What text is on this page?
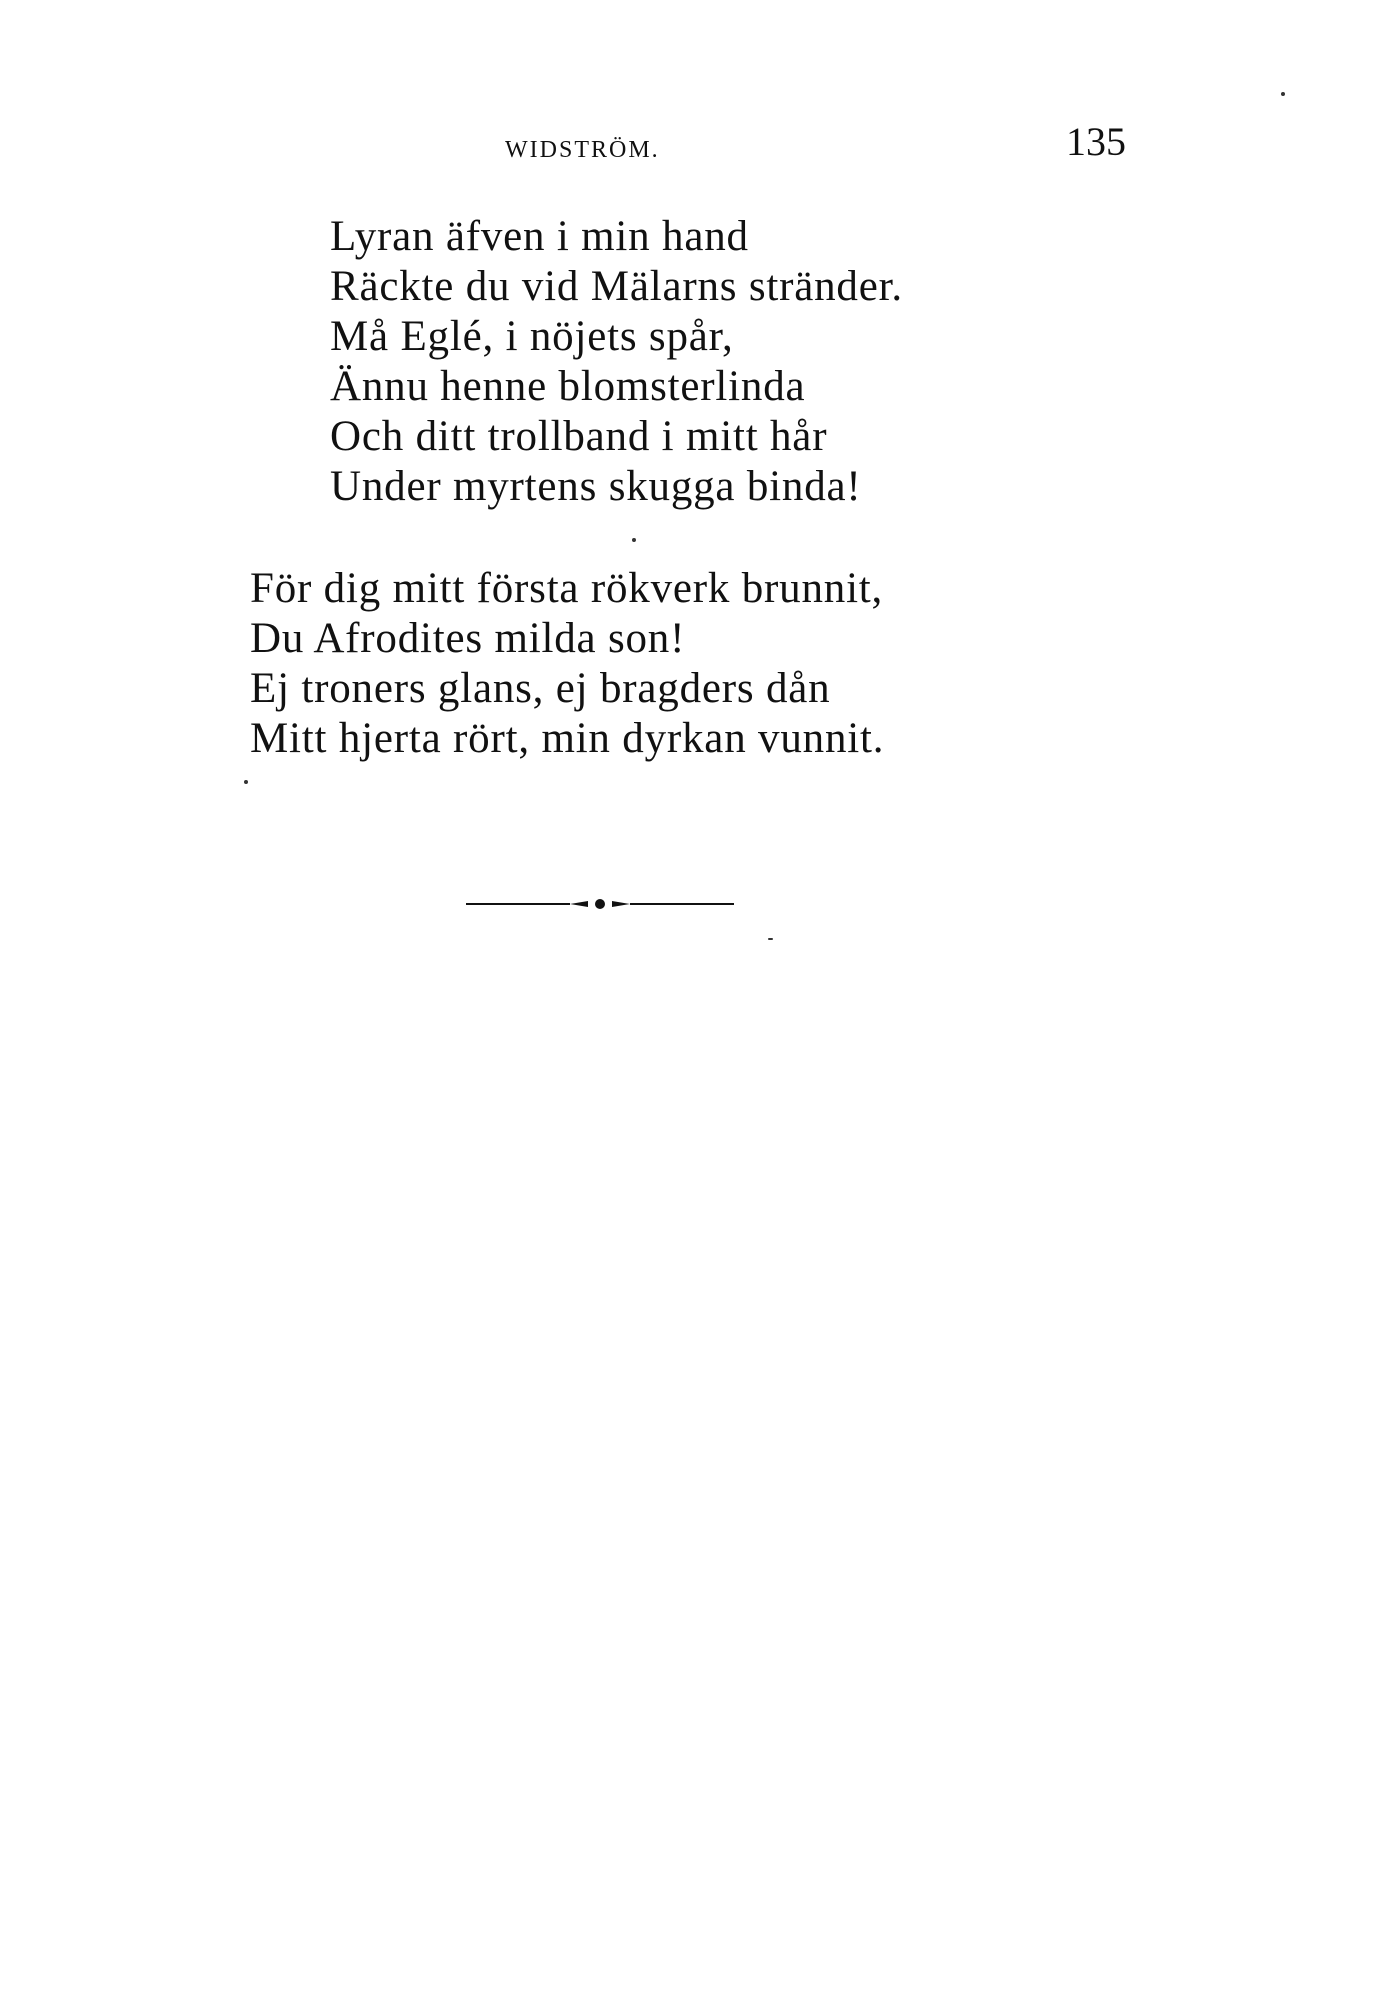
WIDSTRÖM.	135
Lyran äfven i min hand
Räckte du vid Mälarns stränder.
Må Eglé, i nöjets spår,
Ännu henne blomsterlinda
Och ditt trollband i mitt hår
Under myrtens skugga binda!
För dig mitt första rökverk brunnit,
Du Afrodites milda son!
Ej troners glans, ej bragders dån
Mitt hjerta rört, min dyrkan vunnit.
